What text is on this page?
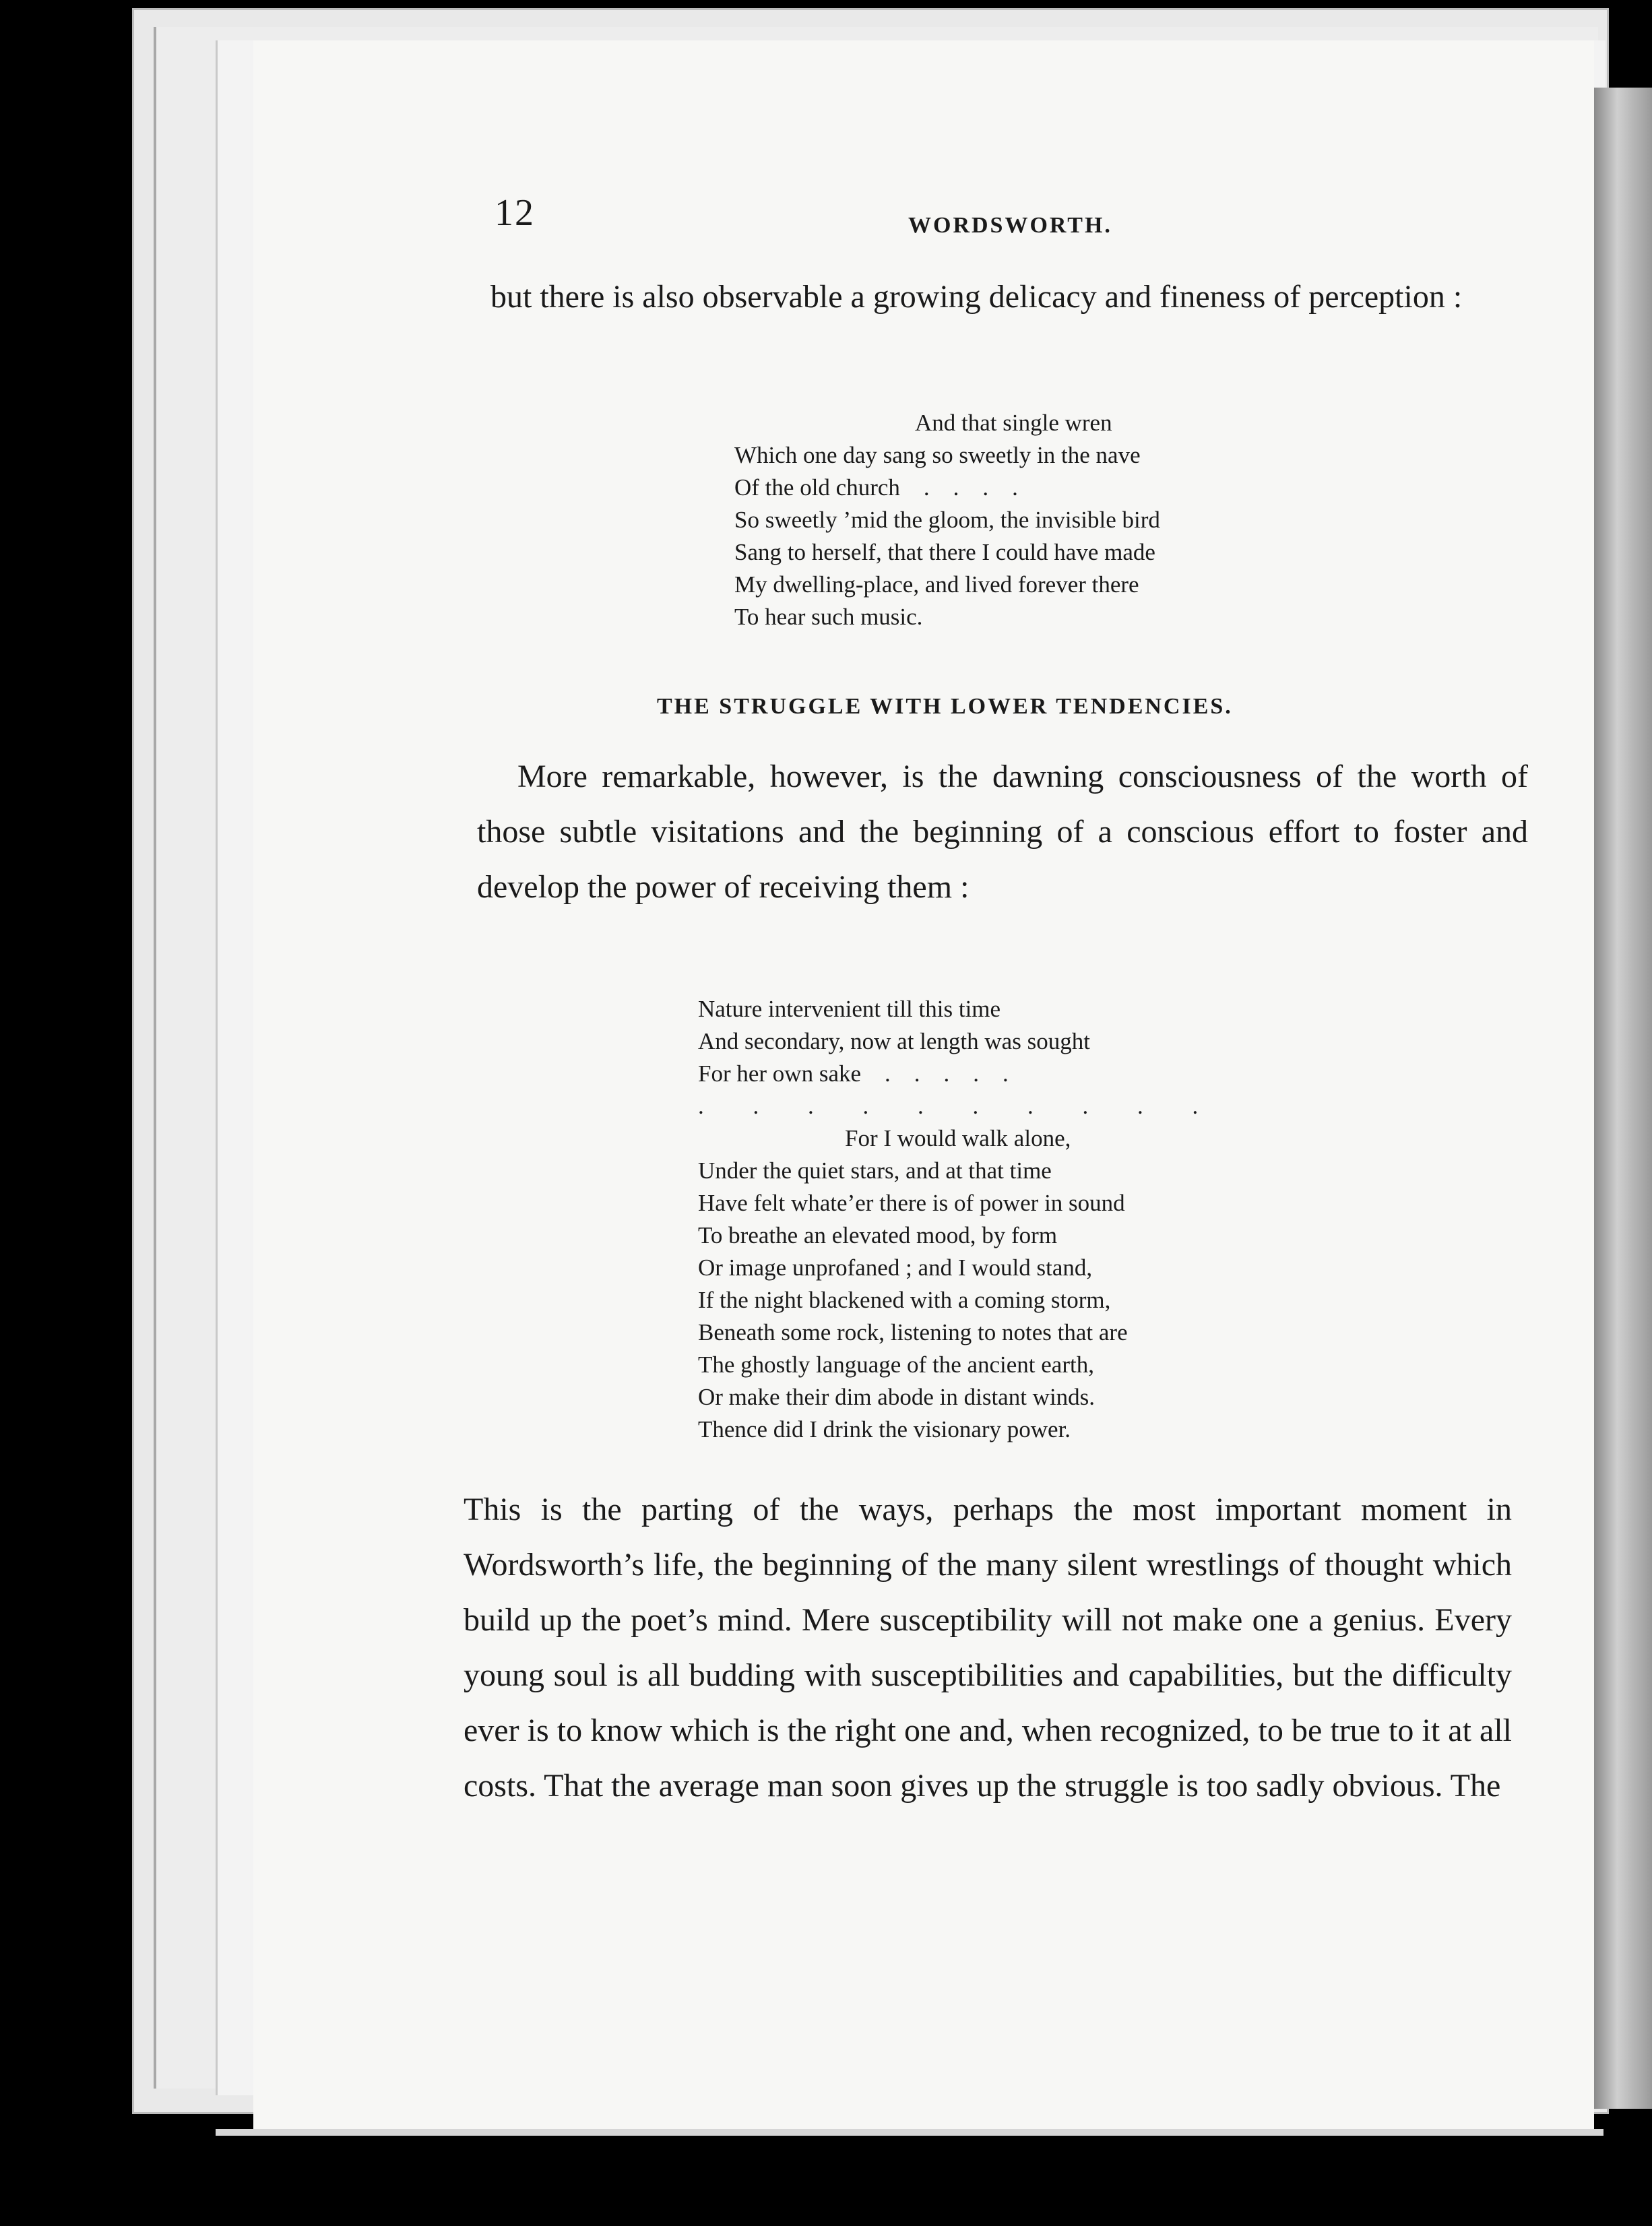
12	WORDSWORTH.

but there is also observable a growing delicacy and fineness of perception :

And that single wren
Which one day sang so sweetly in the nave
Of the old church    .    .    .    .
So sweetly ’mid the gloom, the invisible bird
Sang to herself, that there I could have made
My dwelling-place, and lived forever there
To hear such music.
THE STRUGGLE WITH LOWER TENDENCIES.

More remarkable, however, is the dawning consciousness of the worth of those subtle visitations and the beginning of a conscious effort to foster and develop the power of receiving them :

Nature intervenient till this time
And secondary, now at length was sought
For her own sake    .    .    .    .    .
. . . . . . . . . .
For I would walk alone,
Under the quiet stars, and at that time
Have felt whate’er there is of power in sound
To breathe an elevated mood, by form
Or image unprofaned ; and I would stand,
If the night blackened with a coming storm,
Beneath some rock, listening to notes that are
The ghostly language of the ancient earth,
Or make their dim abode in distant winds.
Thence did I drink the visionary power.

This is the parting of the ways, perhaps the most important moment in Wordsworth’s life, the beginning of the many silent wrestlings of thought which build up the poet’s mind. Mere susceptibility will not make one a genius. Every young soul is all budding with susceptibilities and capabilities, but the difficulty ever is to know which is the right one and, when recognized, to be true to it at all costs. That the average man soon gives up the struggle is too sadly obvious. The
